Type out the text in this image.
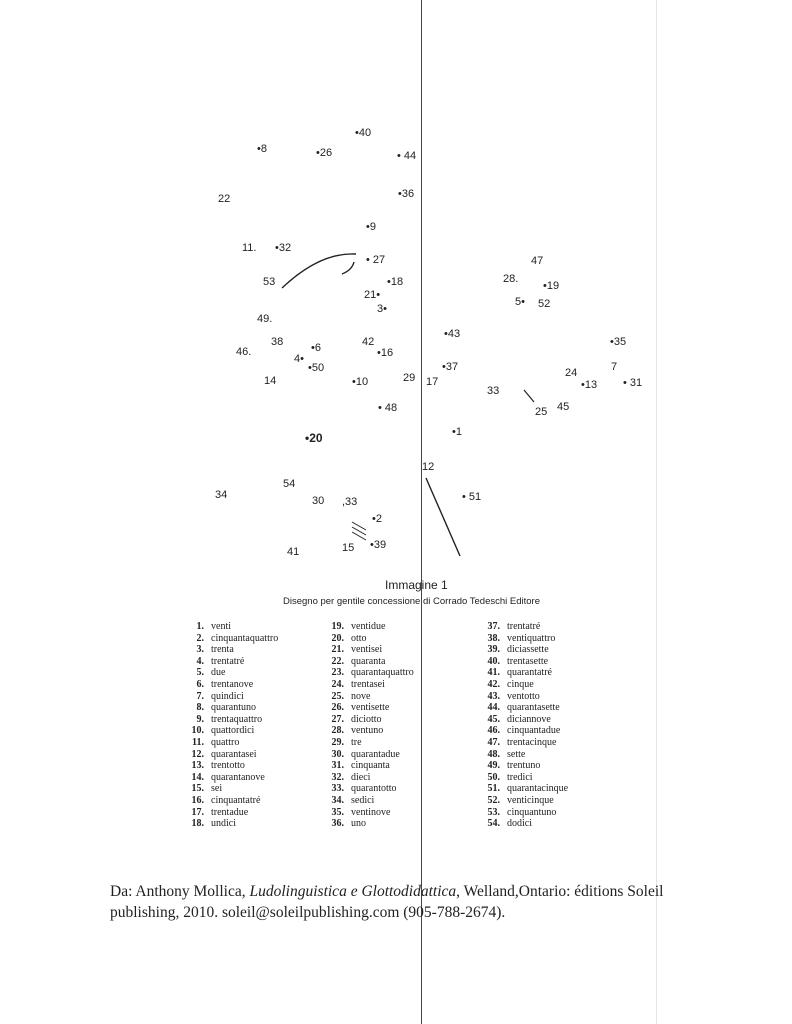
•40
•8	•26	• 44
•36
22
•9
11. •32
• 27
53	•18
21•
3•
47
28.
•19
5• 52
49.
•43
42
•16
38	•6
46.
4•
•50
•35
•37	7
24
•13 • 31
14	•10	29 17
33
25 45
• 48
•1
•20
12
54
34	30 ,33	• 51
•2
15 •39
41
Immagine 1
Disegno per gentile concessione di Corrado Tedeschi Editore
1. venti
2. cinquantaquattro
3. trenta
4. trentatré
5. due
6. trentanove
7. quindici
8. quarantuno
9. trentaquattro
10. quattordici
11. quattro
12. quarantasei
13. trentotto
14. quarantanove
15. sei
16. cinquantatré
17. trentadue
18. undici
19. ventidue
20. otto
21. ventisei
22. quaranta
23. quarantaquattro
24. trentasei
25. nove
26. ventisette
27. diciotto
28. ventuno
29. tre
30. quarantadue
31. cinquanta
32. dieci
33. quarantotto
34. sedici
35. ventinove
36. uno
37. trentatré
38. ventiquattro
39. diciassette
40. trentasette
41. quarantatré
42. cinque
43. ventotto
44. quarantasette
45. diciannove
46. cinquantadue
47. trentacinque
48. sette
49. trentuno
50. tredici
51. quarantacinque
52. venticinque
53. cinquantuno
54. dodici
Da: Anthony Mollica, Ludolinguistica e Glottodidattica, Welland,Ontario: éditions Soleil publishing, 2010. soleil@soleilpublishing.com (905-788-2674).
